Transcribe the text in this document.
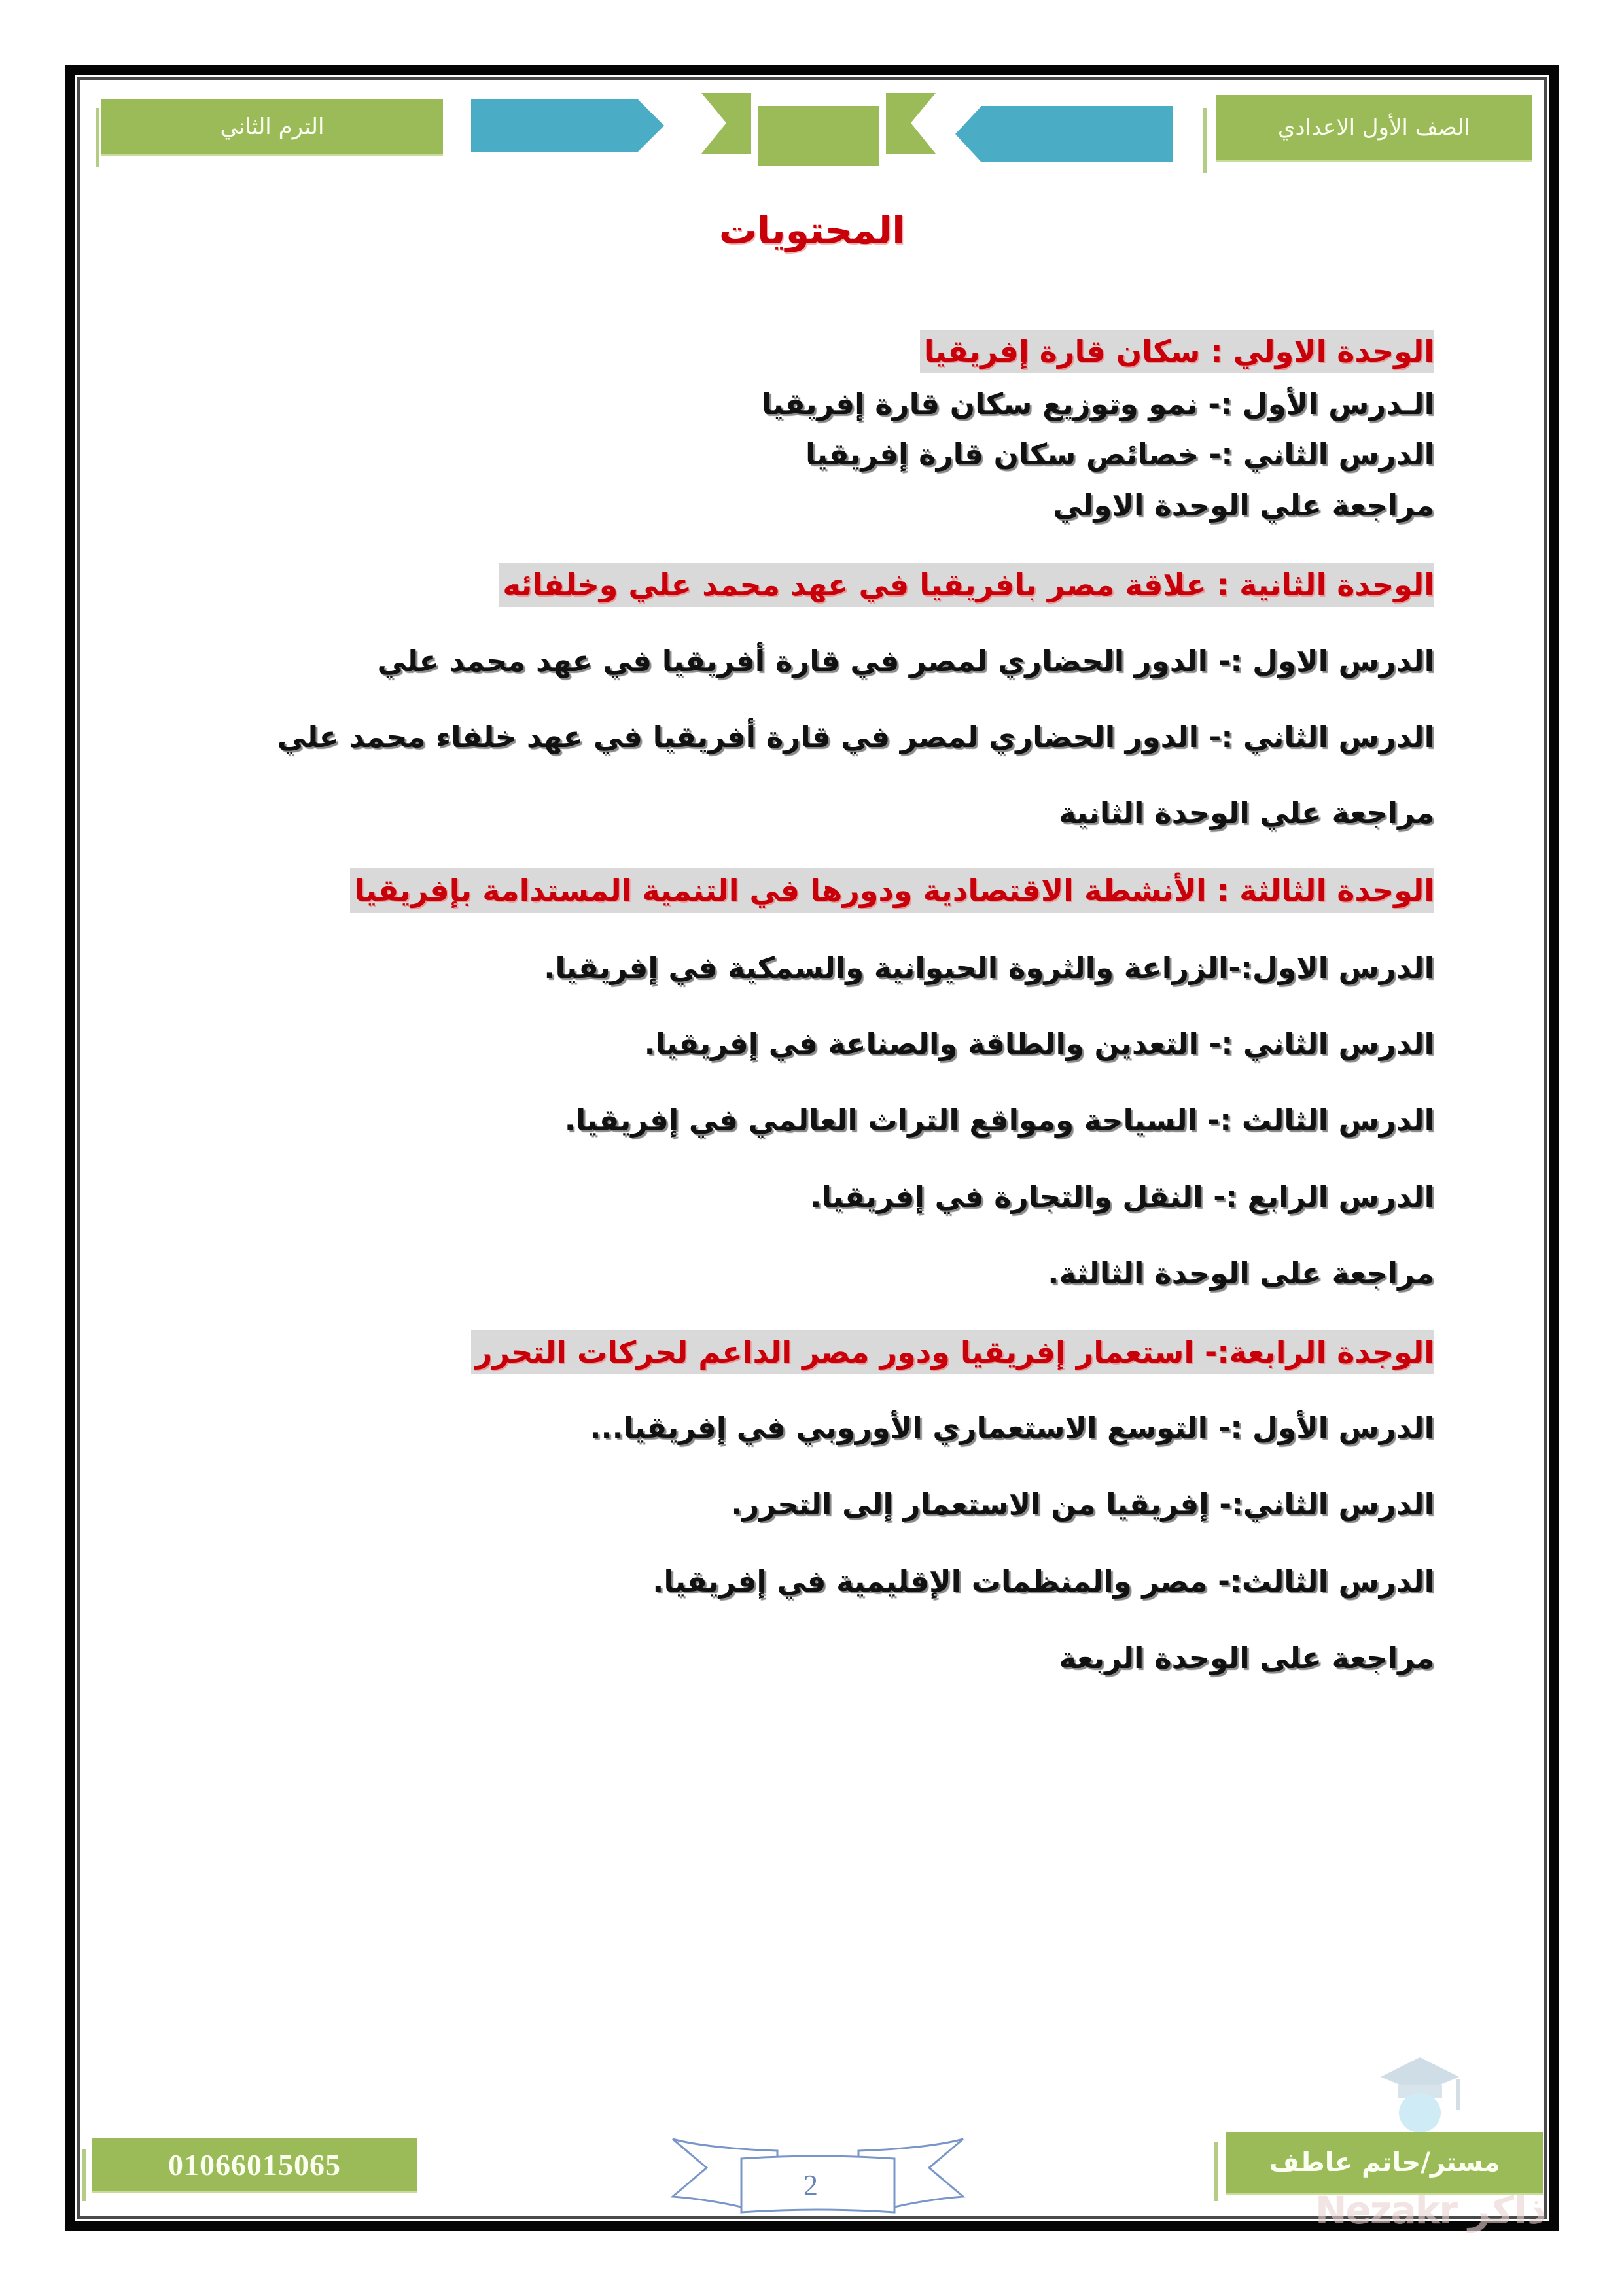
الترم الثاني	الصف الأول الاعدادي
المحتويات
الوحدة الاولي : سكان قارة إفريقيا
الـدرس الأول :- نمو وتوزيع سكان قارة إفريقيا
الدرس الثاني :- خصائص سكان قارة إفريقيا
مراجعة علي الوحدة الاولي
الوحدة الثانية : علاقة مصر بافريقيا في عهد محمد علي وخلفائه
الدرس الاول :- الدور الحضاري لمصر في قارة أفريقيا في عهد محمد علي
الدرس الثاني :- الدور الحضاري لمصر في قارة أفريقيا في عهد خلفاء محمد علي
مراجعة علي الوحدة الثانية
الوحدة الثالثة : الأنشطة الاقتصادية ودورها في التنمية المستدامة بإفريقيا
الدرس الاول:-الزراعة والثروة الحيوانية والسمكية في إفريقيا.
الدرس الثاني :- التعدين والطاقة والصناعة في إفريقيا.
الدرس الثالث :- السياحة ومواقع التراث العالمي في إفريقيا.
الدرس الرابع :- النقل والتجارة في إفريقيا.
مراجعة على الوحدة الثالثة.
الوجدة الرابعة:- استعمار إفريقيا ودور مصر الداعم لحركات التحرر
الدرس الأول :- التوسع الاستعماري الأوروبي في إفريقيا...
الدرس الثاني:- إفريقيا من الاستعمار إلى التحرر.
الدرس الثالث:- مصر والمنظمات الإقليمية في إفريقيا.
مراجعة على الوحدة الربعة
01066015065
2
مستر/حاتم عاطف
Nezakr ذاكر
